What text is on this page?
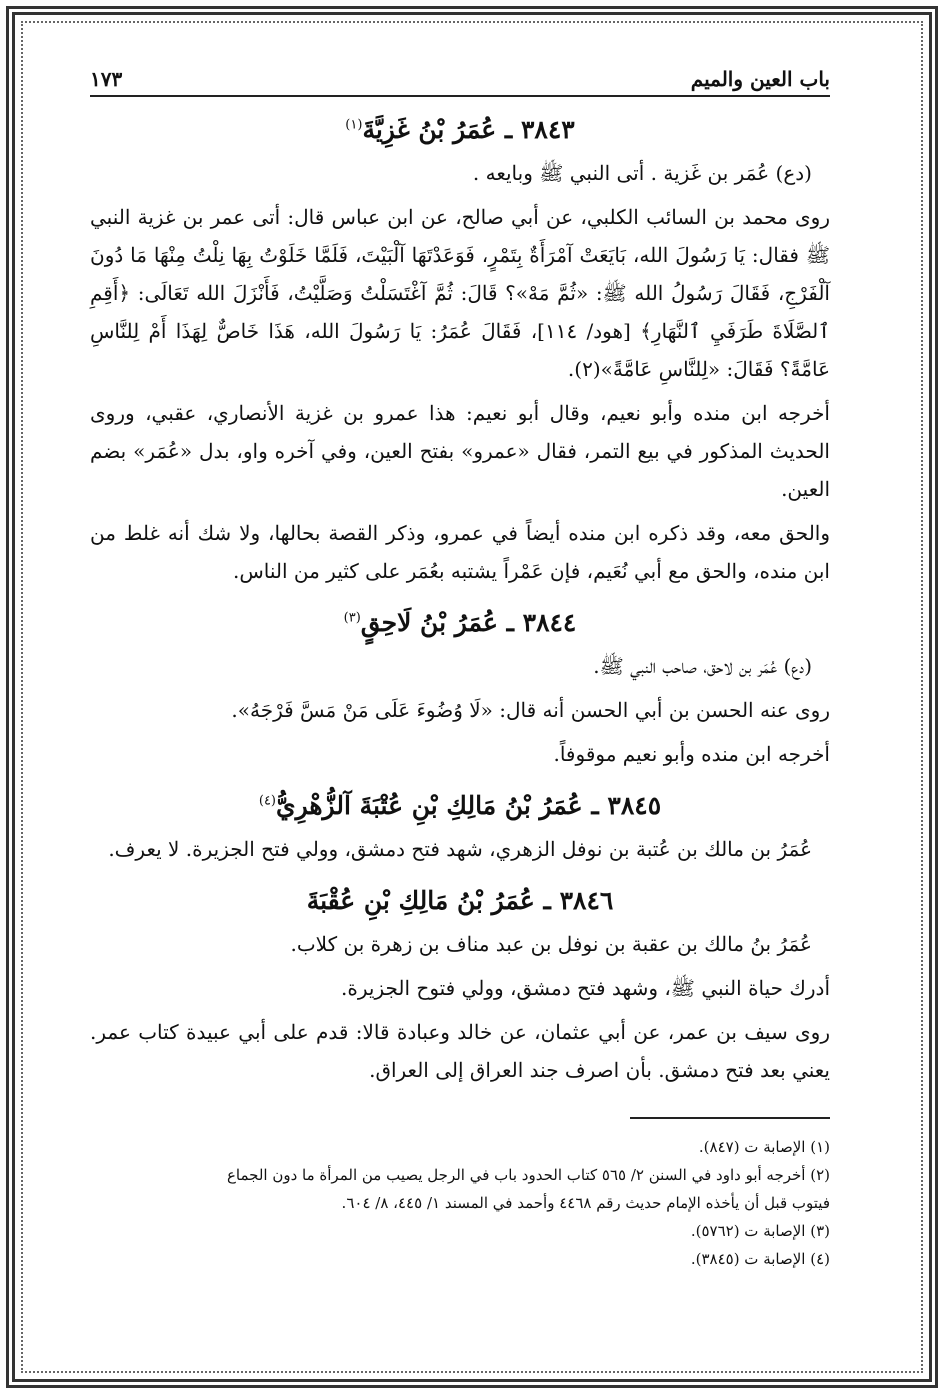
باب العين والميم
١٧٣
٣٨٤٣ ـ عُمَرُ بْنُ غَزِيَّةَ$^{(١)}$

(دع) عُمَر بن غَزية . أتى النبي ﷺ وبايعه .

روى محمد بن السائب الكلبي، عن أبي صالح، عن ابن عباس قال: أتى عمر بن غزية النبي ﷺ فقال: يَا رَسُولَ الله، بَايَعَتْ آمْرَأَةٌ بِتَمْرٍ، فَوَعَدْتَهَا آلْبَيْتَ، فَلَمَّا خَلَوْتُ بِهَا نِلْتُ مِنْهَا مَا دُونَ آلْفَرْجِ، فَقَالَ رَسُولُ الله ﷺ: «ثُمَّ مَهْ»؟ قَالَ: ثُمَّ آغْتَسَلْتُ وَصَلَّيْتُ، فَأَنْزَلَ الله تَعَالَى: ﴿أَقِمِ ٱلصَّلَاةَ طَرَفَيِ ٱلنَّهَارِ﴾ [هود/ ١١٤]، فَقَالَ عُمَرُ: يَا رَسُولَ الله، هَذَا خَاصٌّ لِهَذَا أَمْ لِلنَّاسِ عَامَّةً؟ فَقَالَ: «لِلنَّاسِ عَامَّةً»(٢).

أخرجه ابن منده وأبو نعيم، وقال أبو نعيم: هذا عمرو بن غزية الأنصاري، عقبي، وروى الحديث المذكور في بيع التمر، فقال «عمرو» بفتح العين، وفي آخره واو، بدل «عُمَر» بضم العين.

والحق معه، وقد ذكره ابن منده أيضاً في عمرو، وذكر القصة بحالها، ولا شك أنه غلط من ابن منده، والحق مع أبي نُعَيم، فإن عَمْراً يشتبه بعُمَر على كثير من الناس.

٣٨٤٤ ـ عُمَرُ بْنُ لَاحِقٍ$^{(٣)}$

(دع) عُمَر بن لاحق، صاحب النبي ﷺ.

روى عنه الحسن بن أبي الحسن أنه قال: «لَا وُضُوءَ عَلَى مَنْ مَسَّ فَرْجَهُ».

أخرجه ابن منده وأبو نعيم موقوفاً.

٣٨٤٥ ـ عُمَرُ بْنُ مَالِكِ بْنِ عُتْبَةَ آلزُّهْرِيُّ$^{(٤)}$

عُمَرُ بن مالك بن عُتبة بن نوفل الزهري، شهد فتح دمشق، وولي فتح الجزيرة. لا يعرف.

٣٨٤٦ ـ عُمَرُ بْنُ مَالِكِ بْنِ عُقْبَةَ

عُمَرُ بنُ مالك بن عقبة بن نوفل بن عبد مناف بن زهرة بن كلاب.

أدرك حياة النبي ﷺ، وشهد فتح دمشق، وولي فتوح الجزيرة.

روى سيف بن عمر، عن أبي عثمان، عن خالد وعبادة قالا: قدم على أبي عبيدة كتاب عمر. يعني بعد فتح دمشق. بأن اصرف جند العراق إلى العراق.

(١) الإصابة ت (٨٤٧).

(٢) أخرجه أبو داود في السنن ٢/ ٥٦٥ كتاب الحدود باب في الرجل يصيب من المرأة ما دون الجماع

فيتوب قبل أن يأخذه الإمام حديث رقم ٤٤٦٨ وأحمد في المسند ١/ ٤٤٥، ٨/ ٦٠٤.

(٣) الإصابة ت (٥٧٦٢).

(٤) الإصابة ت (٣٨٤٥).
